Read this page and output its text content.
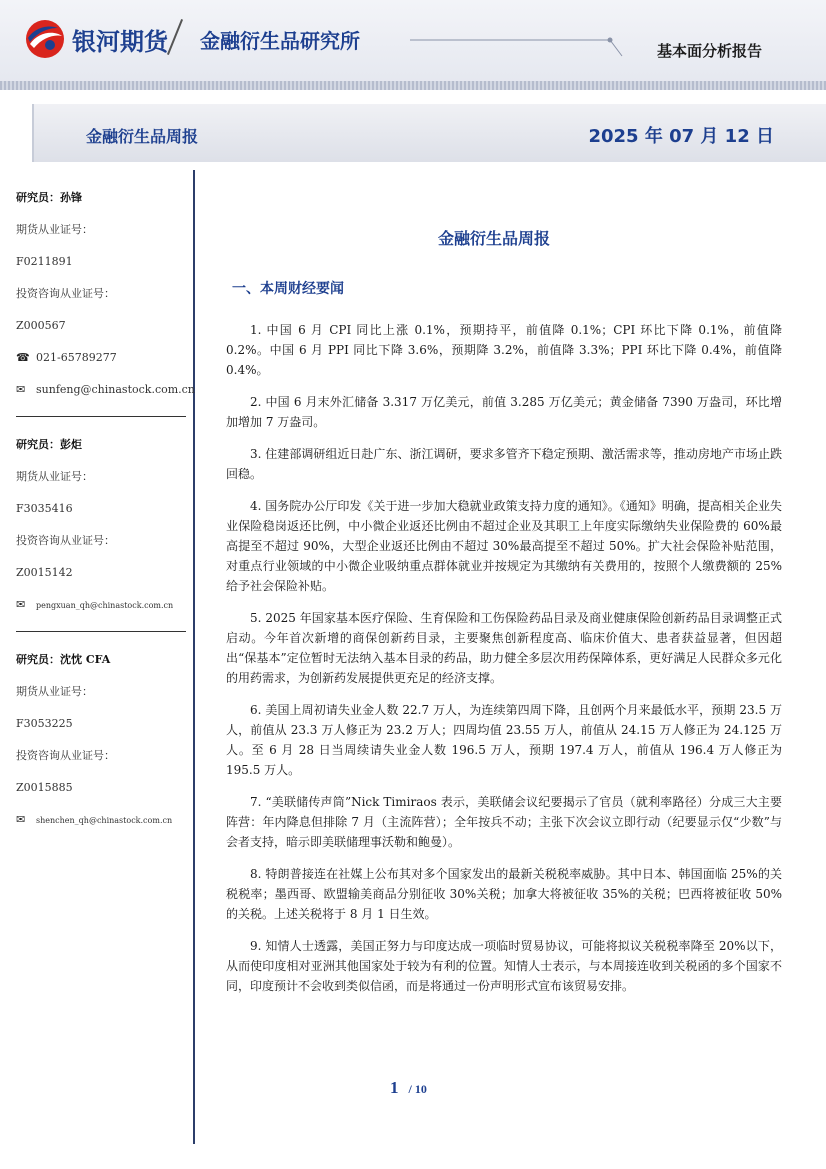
银河期货 金融衍生品研究所	基本面分析报告
金融衍生品周报	2025 年 07 月 12 日
研究员：孙锋
期货从业证号：
F0211891
投资咨询从业证号：
Z000567
☎ 021-65789277
✉ sunfeng@chinastock.com.cn
研究员：彭炬
期货从业证号：
F3035416
投资咨询从业证号：
Z0015142
✉ pengxuan_qh@chinastock.com.cn
研究员：沈忱 CFA
期货从业证号：
F3053225
投资咨询从业证号：
Z0015885
✉ shenchen_qh@chinastock.com.cn
金融衍生品周报
一、本周财经要闻

1. 中国 6 月 CPI 同比上涨 0.1%，预期持平，前值降 0.1%；CPI 环比下降 0.1%，前值降 0.2%。中国 6 月 PPI 同比下降 3.6%，预期降 3.2%，前值降 3.3%；PPI 环比下降 0.4%，前值降 0.4%。

2. 中国 6 月末外汇储备 3.317 万亿美元，前值 3.285 万亿美元；黄金储备 7390 万盎司，环比增加增加 7 万盎司。

3. 住建部调研组近日赴广东、浙江调研，要求多管齐下稳定预期、激活需求等，推动房地产市场止跌回稳。

4. 国务院办公厅印发《关于进一步加大稳就业政策支持力度的通知》。《通知》明确，提高相关企业失业保险稳岗返还比例，中小微企业返还比例由不超过企业及其职工上年度实际缴纳失业保险费的 60%最高提至不超过 90%，大型企业返还比例由不超过 30%最高提至不超过 50%。扩大社会保险补贴范围，对重点行业领域的中小微企业吸纳重点群体就业并按规定为其缴纳有关费用的，按照个人缴费额的 25%给予社会保险补贴。

5. 2025 年国家基本医疗保险、生育保险和工伤保险药品目录及商业健康保险创新药品目录调整正式启动。今年首次新增的商保创新药目录，主要聚焦创新程度高、临床价值大、患者获益显著，但因超出“保基本”定位暂时无法纳入基本目录的药品，助力健全多层次用药保障体系，更好满足人民群众多元化的用药需求，为创新药发展提供更充足的经济支撑。

6. 美国上周初请失业金人数 22.7 万人，为连续第四周下降，且创两个月来最低水平，预期 23.5 万人，前值从 23.3 万人修正为 23.2 万人；四周均值 23.55 万人，前值从 24.15 万人修正为 24.125 万人。至 6 月 28 日当周续请失业金人数 196.5 万人，预期 197.4 万人，前值从 196.4 万人修正为 195.5 万人。

7. “美联储传声筒”Nick Timiraos 表示，美联储会议纪要揭示了官员（就利率路径）分成三大主要阵营：年内降息但排除 7 月（主流阵营）；全年按兵不动；主张下次会议立即行动（纪要显示仅“少数”与会者支持，暗示即美联储理事沃勒和鲍曼）。

8. 特朗普接连在社媒上公布其对多个国家发出的最新关税税率威胁。其中日本、韩国面临 25%的关税税率；墨西哥、欧盟输美商品分别征收 30%关税；加拿大将被征收 35%的关税；巴西将被征收 50%的关税。上述关税将于 8 月 1 日生效。

9. 知情人士透露，美国正努力与印度达成一项临时贸易协议，可能将拟议关税税率降至 20%以下，从而使印度相对亚洲其他国家处于较为有利的位置。知情人士表示，与本周接连收到关税函的多个国家不同，印度预计不会收到类似信函，而是将通过一份声明形式宣布该贸易安排。

1 / 10
